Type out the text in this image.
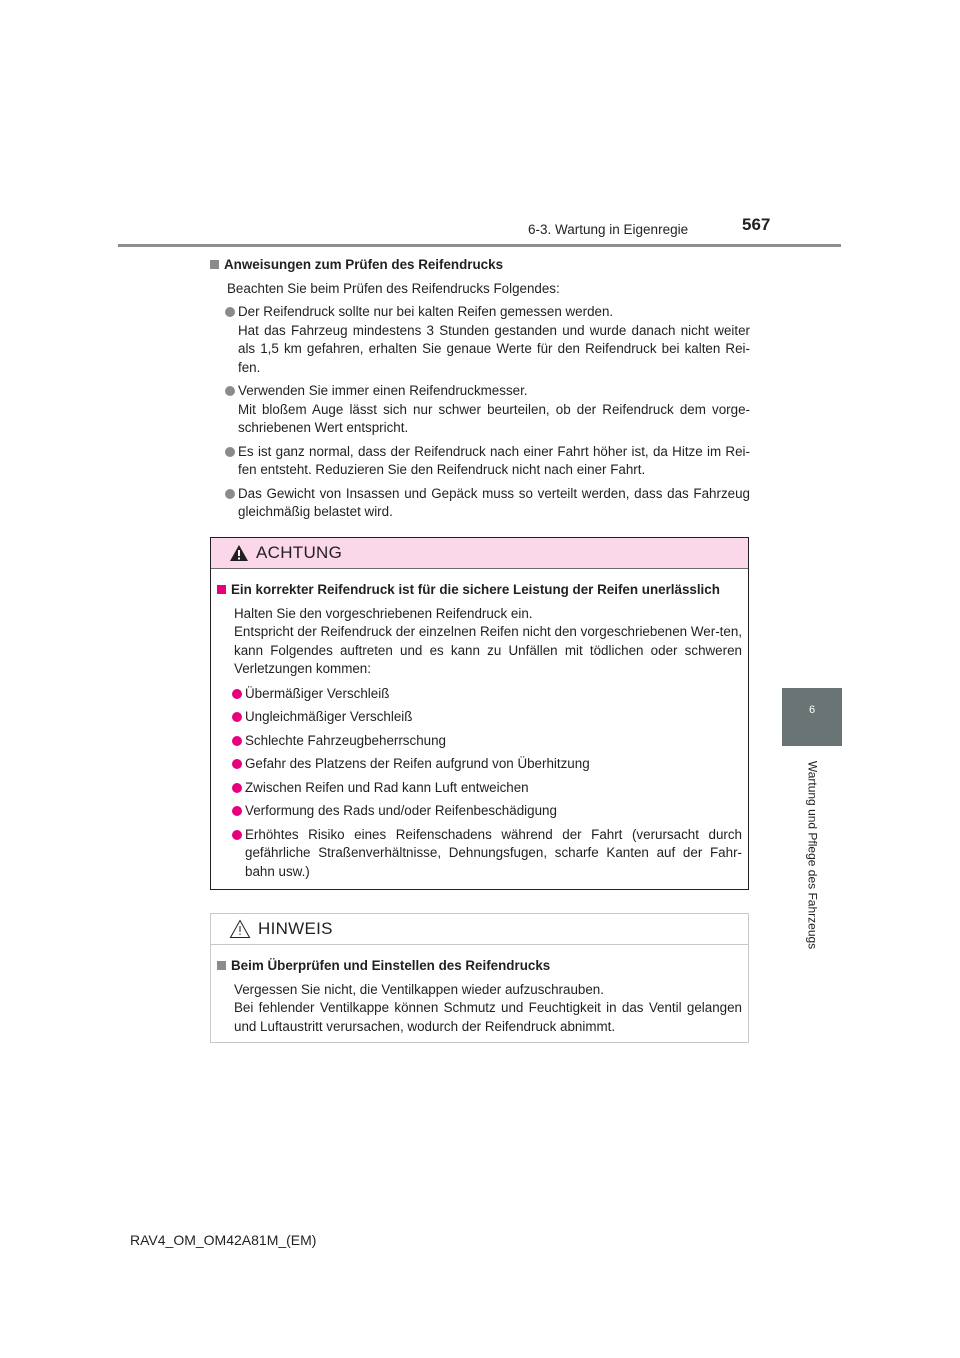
6-3. Wartung in Eigenregie	567
6
Wartung und Pflege des Fahrzeugs
Anweisungen zum Prüfen des Reifendrucks
Beachten Sie beim Prüfen des Reifendrucks Folgendes:
Der Reifendruck sollte nur bei kalten Reifen gemessen werden.
Hat das Fahrzeug mindestens 3 Stunden gestanden und wurde danach nicht weiter als 1,5 km gefahren, erhalten Sie genaue Werte für den Reifendruck bei kalten Rei-fen.
Verwenden Sie immer einen Reifendruckmesser.
Mit bloßem Auge lässt sich nur schwer beurteilen, ob der Reifendruck dem vorge-schriebenen Wert entspricht.
Es ist ganz normal, dass der Reifendruck nach einer Fahrt höher ist, da Hitze im Rei-fen entsteht. Reduzieren Sie den Reifendruck nicht nach einer Fahrt.
Das Gewicht von Insassen und Gepäck muss so verteilt werden, dass das Fahrzeug gleichmäßig belastet wird.
ACHTUNG
Ein korrekter Reifendruck ist für die sichere Leistung der Reifen unerlässlich
Halten Sie den vorgeschriebenen Reifendruck ein.
Entspricht der Reifendruck der einzelnen Reifen nicht den vorgeschriebenen Wer-ten, kann Folgendes auftreten und es kann zu Unfällen mit tödlichen oder schweren Verletzungen kommen:
Übermäßiger Verschleiß
Ungleichmäßiger Verschleiß
Schlechte Fahrzeugbeherrschung
Gefahr des Platzens der Reifen aufgrund von Überhitzung
Zwischen Reifen und Rad kann Luft entweichen
Verformung des Rads und/oder Reifenbeschädigung
Erhöhtes Risiko eines Reifenschadens während der Fahrt (verursacht durch gefährliche Straßenverhältnisse, Dehnungsfugen, scharfe Kanten auf der Fahr-bahn usw.)
HINWEIS
Beim Überprüfen und Einstellen des Reifendrucks
Vergessen Sie nicht, die Ventilkappen wieder aufzuschrauben.
Bei fehlender Ventilkappe können Schmutz und Feuchtigkeit in das Ventil gelangen und Luftaustritt verursachen, wodurch der Reifendruck abnimmt.
RAV4_OM_OM42A81M_(EM)
